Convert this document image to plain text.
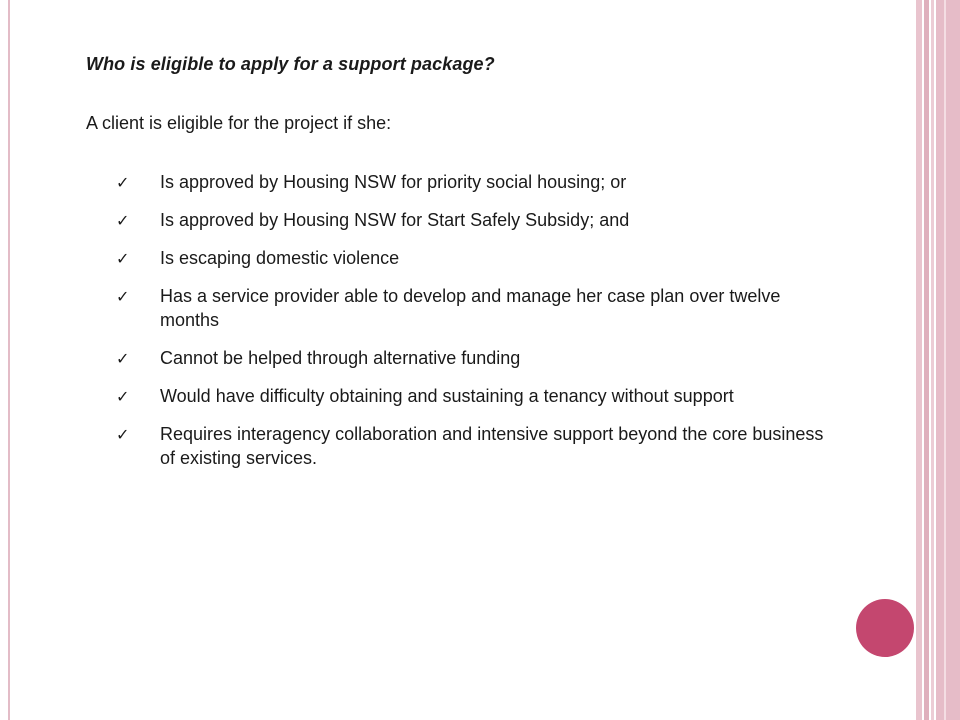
Who is eligible to apply for a support package?
A client is eligible for the project if she:
✓ Is approved by Housing NSW for priority social housing; or
✓ Is approved by Housing NSW for Start Safely Subsidy; and
✓ Is escaping domestic violence
✓ Has a service provider able to develop and manage her case plan over twelve months
✓ Cannot be helped through alternative funding
✓ Would have difficulty obtaining and sustaining a tenancy without support
✓ Requires interagency collaboration and intensive support beyond the core business of existing services.
